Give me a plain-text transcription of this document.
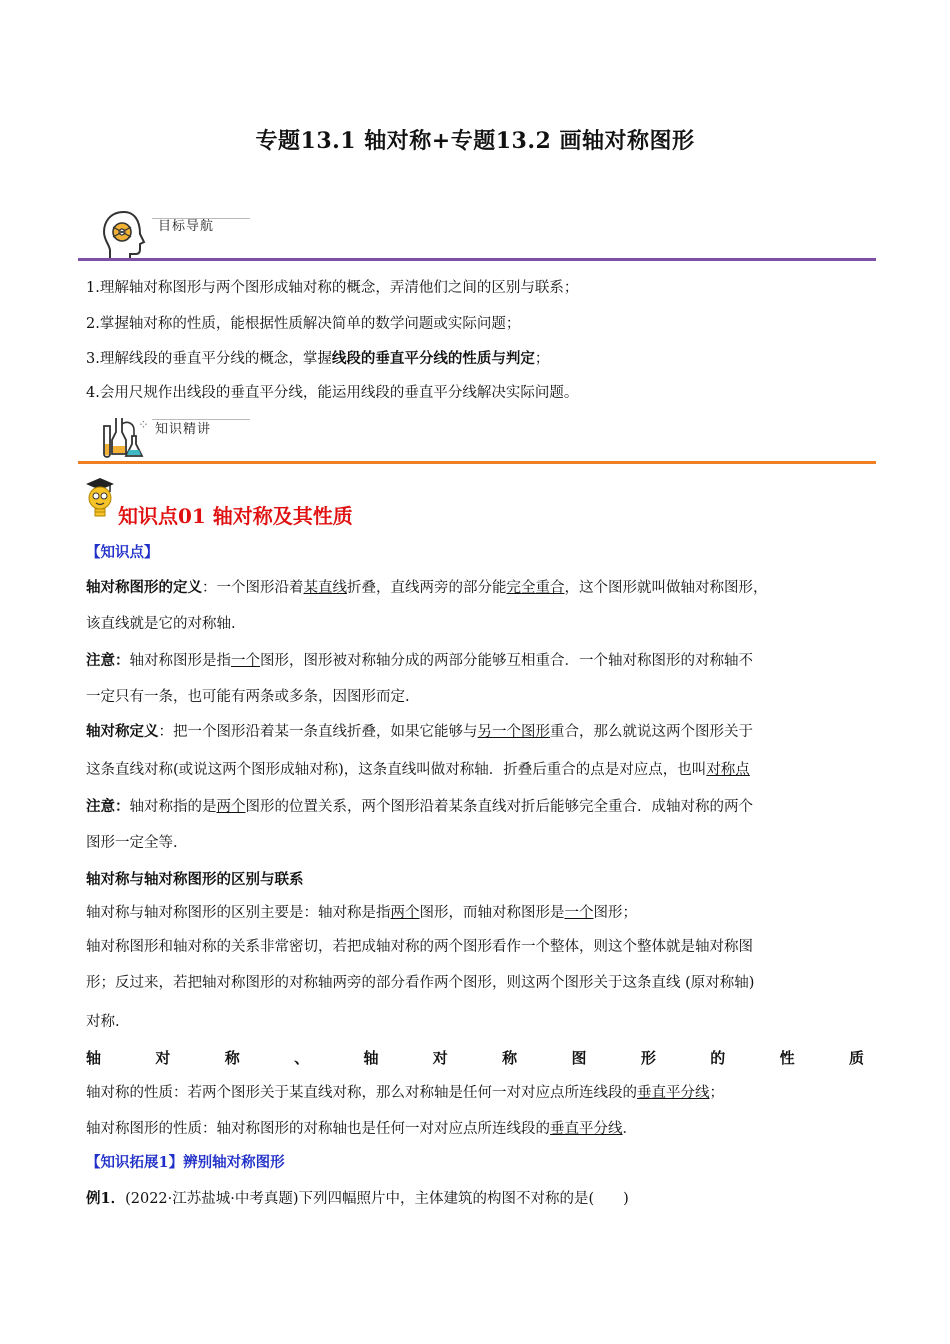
专题13.1 轴对称+专题13.2 画轴对称图形
目标导航
1.理解轴对称图形与两个图形成轴对称的概念，弄清他们之间的区别与联系；
2.掌握轴对称的性质，能根据性质解决简单的数学问题或实际问题；
3.理解线段的垂直平分线的概念，掌握线段的垂直平分线的性质与判定；
4.会用尺规作出线段的垂直平分线，能运用线段的垂直平分线解决实际问题。
⁘ 知识精讲
知识点01 轴对称及其性质
【知识点】
轴对称图形的定义：一个图形沿着某直线折叠，直线两旁的部分能完全重合，这个图形就叫做轴对称图形，
该直线就是它的对称轴.
注意：轴对称图形是指一个图形，图形被对称轴分成的两部分能够互相重合．一个轴对称图形的对称轴不
一定只有一条，也可能有两条或多条，因图形而定.
轴对称定义：把一个图形沿着某一条直线折叠，如果它能够与另一个图形重合，那么就说这两个图形关于
这条直线对称(或说这两个图形成轴对称)，这条直线叫做对称轴．折叠后重合的点是对应点，也叫对称点
注意：轴对称指的是两个图形的位置关系，两个图形沿着某条直线对折后能够完全重合．成轴对称的两个
图形一定全等.
轴对称与轴对称图形的区别与联系
轴对称与轴对称图形的区别主要是：轴对称是指两个图形，而轴对称图形是一个图形；
轴对称图形和轴对称的关系非常密切，若把成轴对称的两个图形看作一个整体，则这个整体就是轴对称图
形；反过来，若把轴对称图形的对称轴两旁的部分看作两个图形，则这两个图形关于这条直线 (原对称轴)
对称.
轴	对	称	、	轴	对	称	图	形	的	性	质
轴对称的性质：若两个图形关于某直线对称，那么对称轴是任何一对对应点所连线段的垂直平分线；
轴对称图形的性质：轴对称图形的对称轴也是任何一对对应点所连线段的垂直平分线．
【知识拓展1】辨别轴对称图形
例1．(2022·江苏盐城·中考真题)下列四幅照片中，主体建筑的构图不对称的是(　　)
